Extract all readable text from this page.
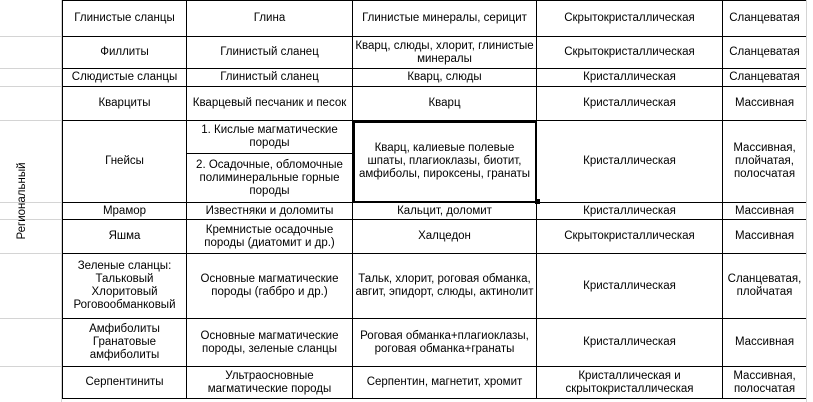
Региональный
Глинистые сланцы	Глина	Глинистые минералы, серицит	Скрытокристаллическая	Сланцеватая
Филлиты	Глинистый сланец	Кварц, слюды, хлорит, глинистые минералы	Скрытокристаллическая	Сланцеватая
Слюдистые сланцы	Глинистый сланец	Кварц, слюды	Кристаллическая	Сланцеватая
Кварциты	Кварцевый песчаник и песок	Кварц	Кристаллическая	Массивная
Гнейсы	1. Кислые магматические породы	Кварц, калиевые полевые шпаты, плагиоклазы, биотит, амфиболы, пироксены, гранаты	Кристаллическая	Массивная, плойчатая, полосчатая
	2. Осадочные, обломочные полиминеральные горные породы			
Мрамор	Известняки и доломиты	Кальцит, доломит	Кристаллическая	Массивная
Яшма	Кремнистые осадочные породы (диатомит и др.)	Халцедон	Скрытокристаллическая	Массивная
Зеленые сланцы: Тальковый Хлоритовый Роговообманковый	Основные магматические породы (габбро и др.)	Тальк, хлорит, роговая обманка, авгит, эпидорт, слюды, актинолит	Кристаллическая	Сланцеватая, плойчатая
Амфиболиты Гранатовые амфиболиты	Основные магматические породы, зеленые сланцы	Роговая обманка+плагиоклазы, роговая обманка+гранаты	Кристаллическая	Массивная
Серпентиниты	Ультраосновные магматические породы	Серпентин, магнетит, хромит	Кристаллическая и скрытокристаллическая	Массивная, полосчатая
